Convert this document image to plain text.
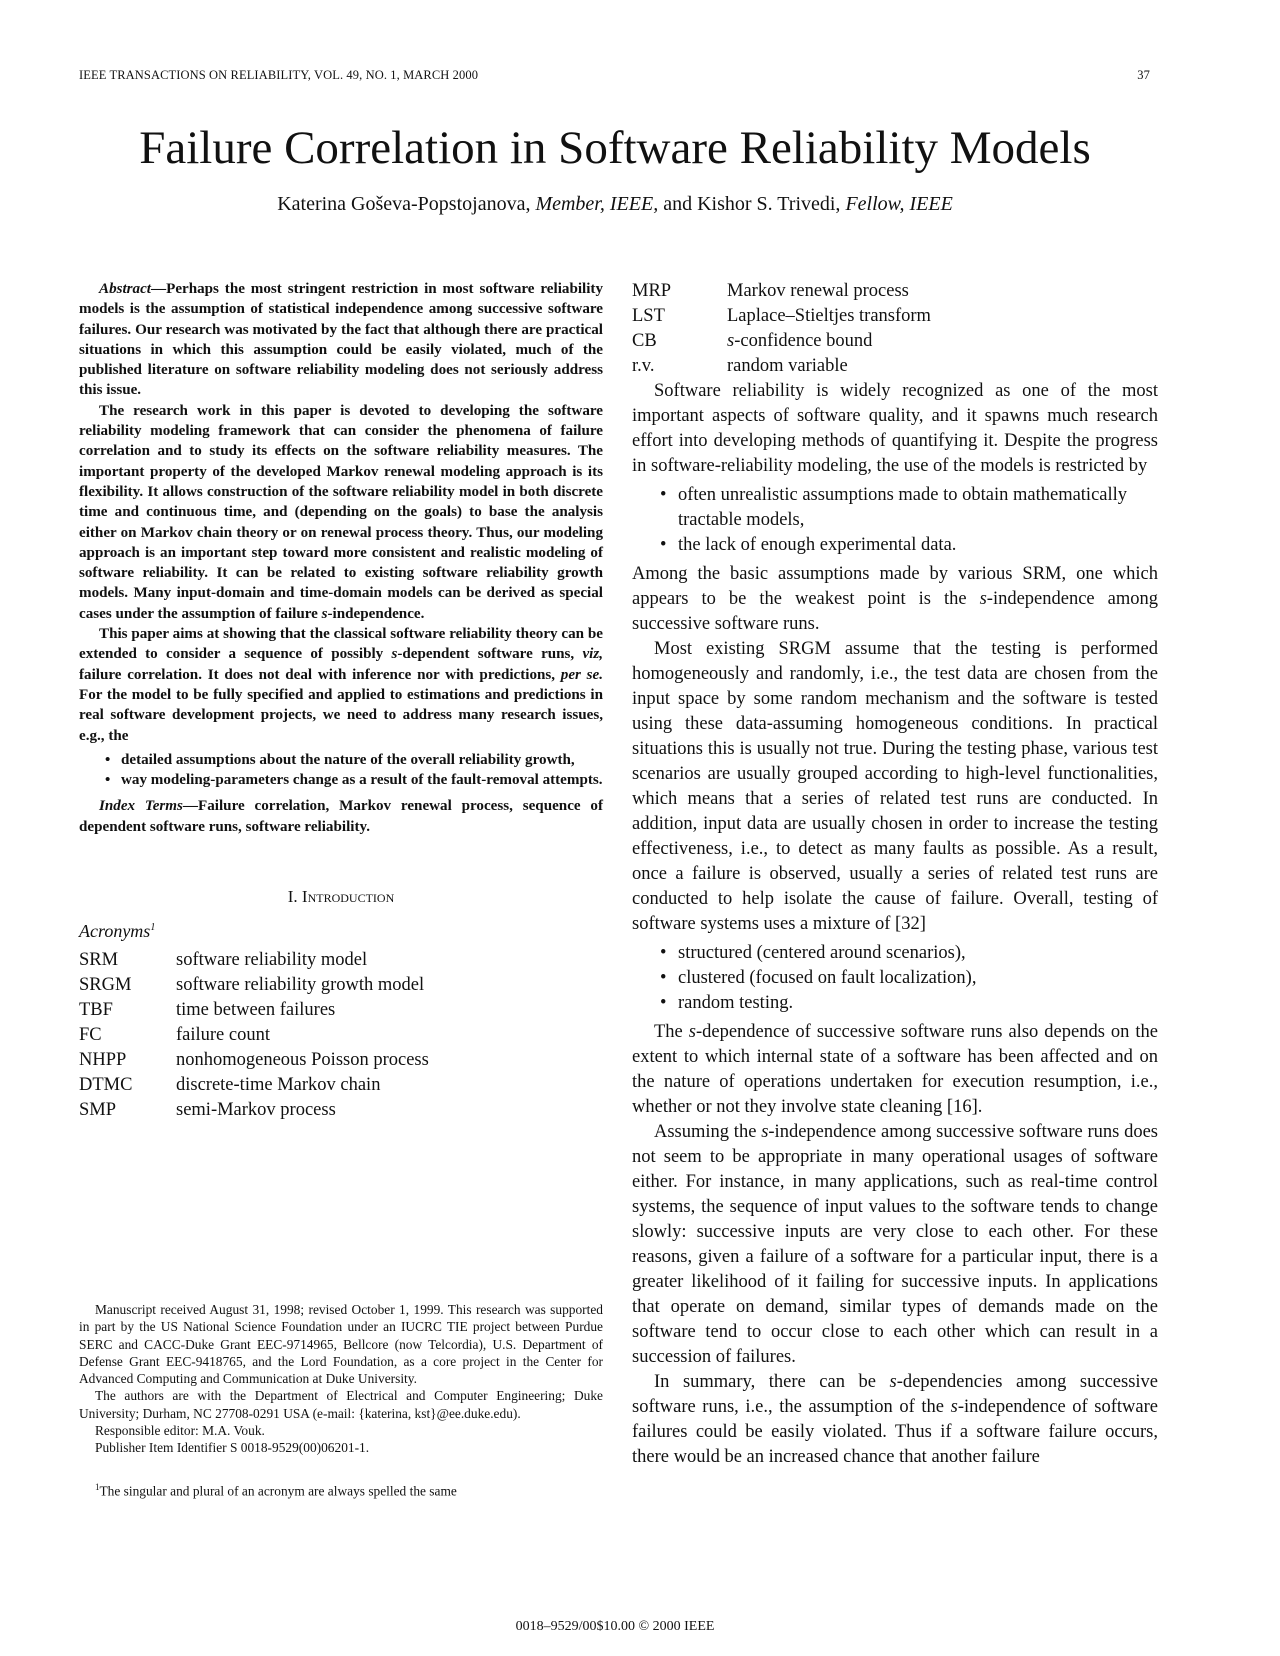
IEEE TRANSACTIONS ON RELIABILITY, VOL. 49, NO. 1, MARCH 2000	37
Failure Correlation in Software Reliability Models
Katerina Goševa-Popstojanova, Member, IEEE, and Kishor S. Trivedi, Fellow, IEEE

Abstract—Perhaps the most stringent restriction in most software reliability models is the assumption of statistical independence among successive software failures. Our research was motivated by the fact that although there are practical situations in which this assumption could be easily violated, much of the published literature on software reliability modeling does not seriously address this issue.

The research work in this paper is devoted to developing the software reliability modeling framework that can consider the phenomena of failure correlation and to study its effects on the software reliability measures. The important property of the developed Markov renewal modeling approach is its flexibility. It allows construction of the software reliability model in both discrete time and continuous time, and (depending on the goals) to base the analysis either on Markov chain theory or on renewal process theory. Thus, our modeling approach is an important step toward more consistent and realistic modeling of software reliability. It can be related to existing software reliability growth models. Many input-domain and time-domain models can be derived as special cases under the assumption of failure s-independence.

This paper aims at showing that the classical software reliability theory can be extended to consider a sequence of possibly s-dependent software runs, viz, failure correlation. It does not deal with inference nor with predictions, per se. For the model to be fully specified and applied to estimations and predictions in real software development projects, we need to address many research issues, e.g., the

• detailed assumptions about the nature of the overall reliability growth,
• way modeling-parameters change as a result of the fault-removal attempts.

Index Terms—Failure correlation, Markov renewal process, sequence of dependent software runs, software reliability.

I. Introduction
Acronyms$^1$
SRM	software reliability model
SRGM	software reliability growth model
TBF	time between failures
FC	failure count
NHPP	nonhomogeneous Poisson process
DTMC	discrete-time Markov chain
SMP	semi-Markov process

Manuscript received August 31, 1998; revised October 1, 1999. This research was supported in part by the US National Science Foundation under an IUCRC TIE project between Purdue SERC and CACC-Duke Grant EEC-9714965, Bellcore (now Telcordia), U.S. Department of Defense Grant EEC-9418765, and the Lord Foundation, as a core project in the Center for Advanced Computing and Communication at Duke University.

The authors are with the Department of Electrical and Computer Engineering; Duke University; Durham, NC 27708-0291 USA (e-mail: {katerina, kst}@ee.duke.edu).

Responsible editor: M.A. Vouk.

Publisher Item Identifier S 0018-9529(00)06201-1.

$^1$The singular and plural of an acronym are always spelled the same

MRP	Markov renewal process
LST	Laplace–Stieltjes transform
CB	s-confidence bound
r.v.	random variable

Software reliability is widely recognized as one of the most important aspects of software quality, and it spawns much research effort into developing methods of quantifying it. Despite the progress in software-reliability modeling, the use of the models is restricted by

• often unrealistic assumptions made to obtain mathematically tractable models,
• the lack of enough experimental data.

Among the basic assumptions made by various SRM, one which appears to be the weakest point is the s-independence among successive software runs.

Most existing SRGM assume that the testing is performed homogeneously and randomly, i.e., the test data are chosen from the input space by some random mechanism and the software is tested using these data-assuming homogeneous conditions. In practical situations this is usually not true. During the testing phase, various test scenarios are usually grouped according to high-level functionalities, which means that a series of related test runs are conducted. In addition, input data are usually chosen in order to increase the testing effectiveness, i.e., to detect as many faults as possible. As a result, once a failure is observed, usually a series of related test runs are conducted to help isolate the cause of failure. Overall, testing of software systems uses a mixture of [32]

• structured (centered around scenarios),
• clustered (focused on fault localization),
• random testing.

The s-dependence of successive software runs also depends on the extent to which internal state of a software has been affected and on the nature of operations undertaken for execution resumption, i.e., whether or not they involve state cleaning [16].

Assuming the s-independence among successive software runs does not seem to be appropriate in many operational usages of software either. For instance, in many applications, such as real-time control systems, the sequence of input values to the software tends to change slowly: successive inputs are very close to each other. For these reasons, given a failure of a software for a particular input, there is a greater likelihood of it failing for successive inputs. In applications that operate on demand, similar types of demands made on the software tend to occur close to each other which can result in a succession of failures.

In summary, there can be s-dependencies among successive software runs, i.e., the assumption of the s-independence of software failures could be easily violated. Thus if a software failure occurs, there would be an increased chance that another failure

0018–9529/00$10.00 © 2000 IEEE
